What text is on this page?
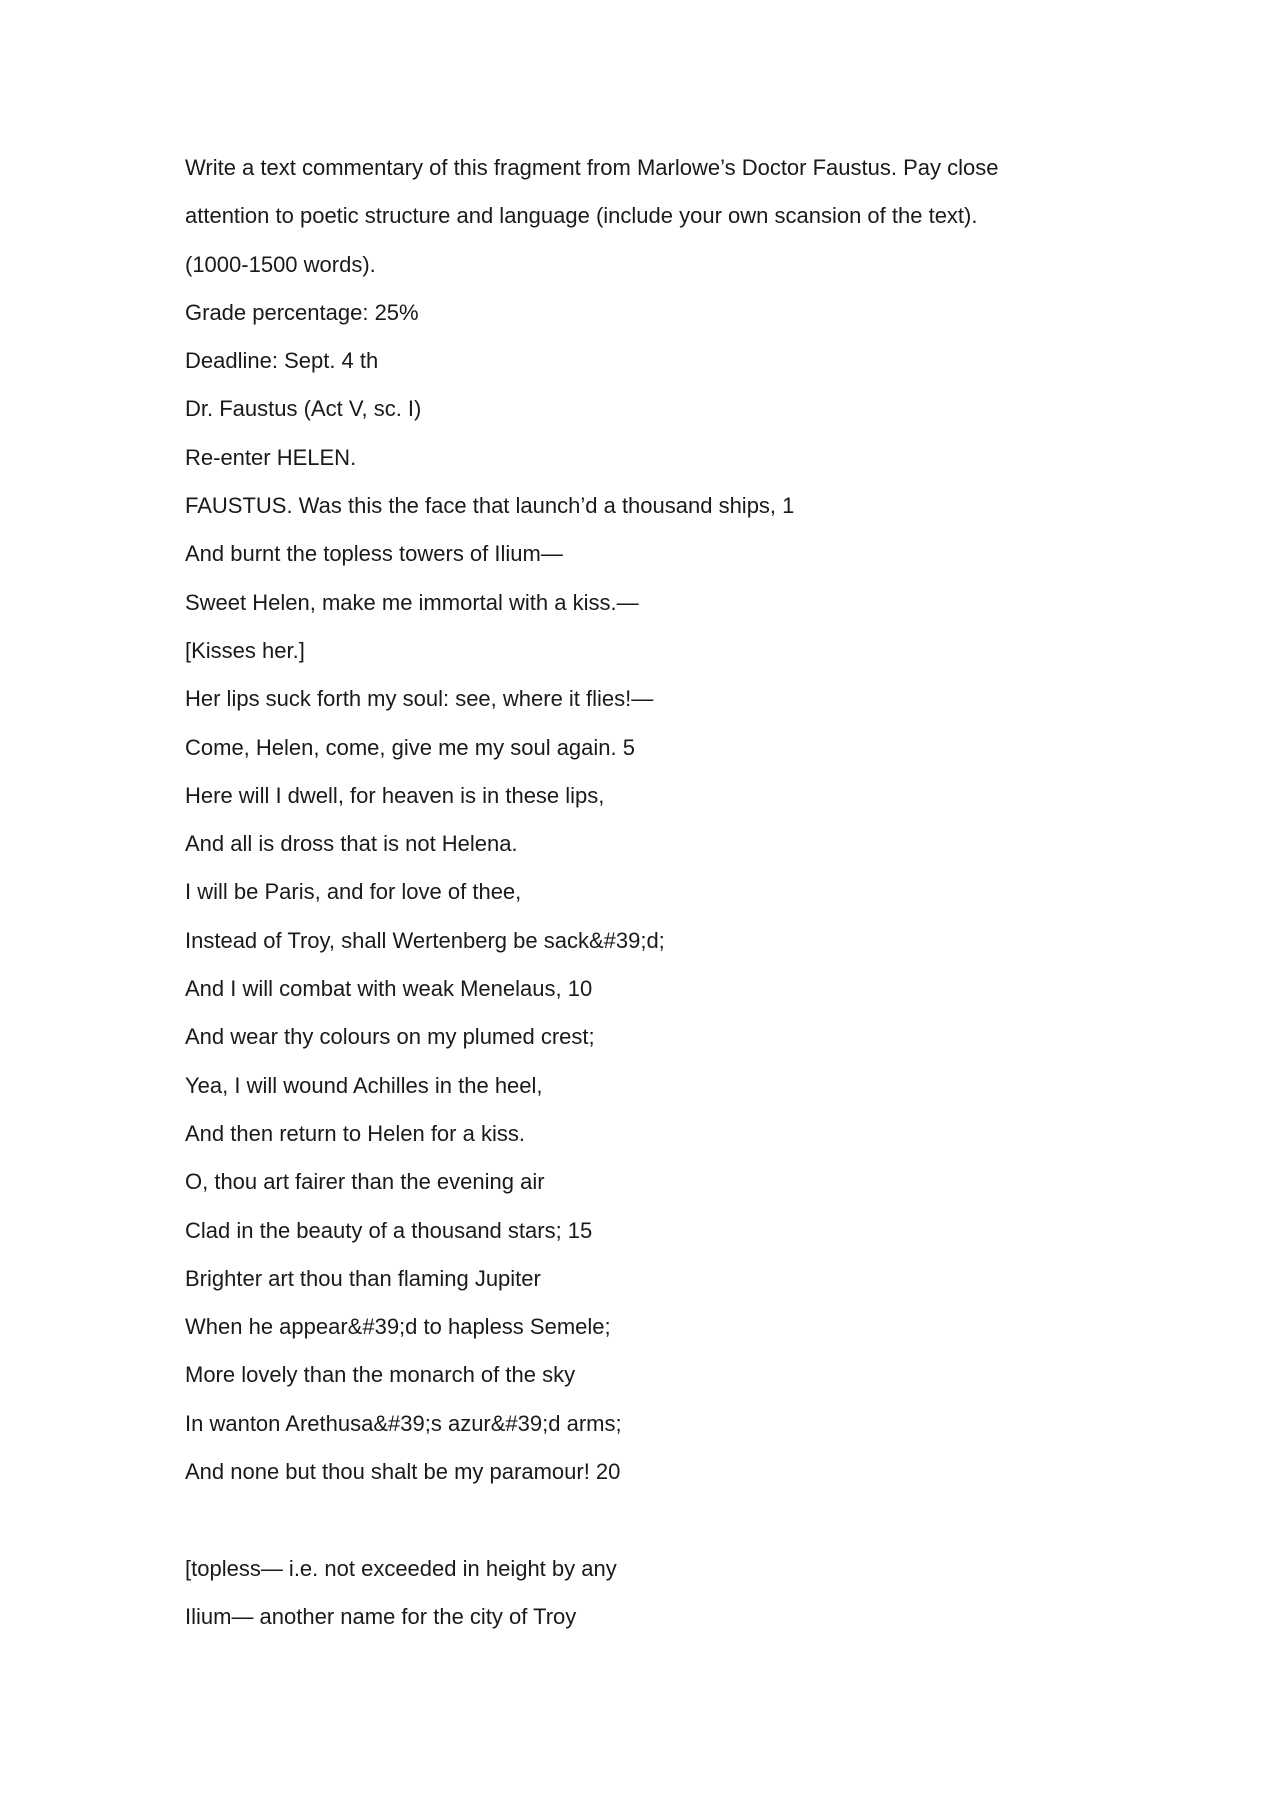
Write a text commentary of this fragment from Marlowe’s Doctor Faustus. Pay close

attention to poetic structure and language (include your own scansion of the text).

(1000-1500 words).

Grade percentage: 25%

Deadline: Sept. 4 th

Dr. Faustus (Act V, sc. I)

Re-enter HELEN.

FAUSTUS. Was this the face that launch’d a thousand ships, 1

And burnt the topless towers of Ilium—

Sweet Helen, make me immortal with a kiss.—

[Kisses her.]

Her lips suck forth my soul: see, where it flies!—

Come, Helen, come, give me my soul again. 5

Here will I dwell, for heaven is in these lips,

And all is dross that is not Helena.

I will be Paris, and for love of thee,

Instead of Troy, shall Wertenberg be sack&#39;d;

And I will combat with weak Menelaus, 10

And wear thy colours on my plumed crest;

Yea, I will wound Achilles in the heel,

And then return to Helen for a kiss.

O, thou art fairer than the evening air

Clad in the beauty of a thousand stars; 15

Brighter art thou than flaming Jupiter

When he appear&#39;d to hapless Semele;

More lovely than the monarch of the sky

In wanton Arethusa&#39;s azur&#39;d arms;

And none but thou shalt be my paramour! 20

[topless— i.e. not exceeded in height by any

Ilium— another name for the city of Troy
